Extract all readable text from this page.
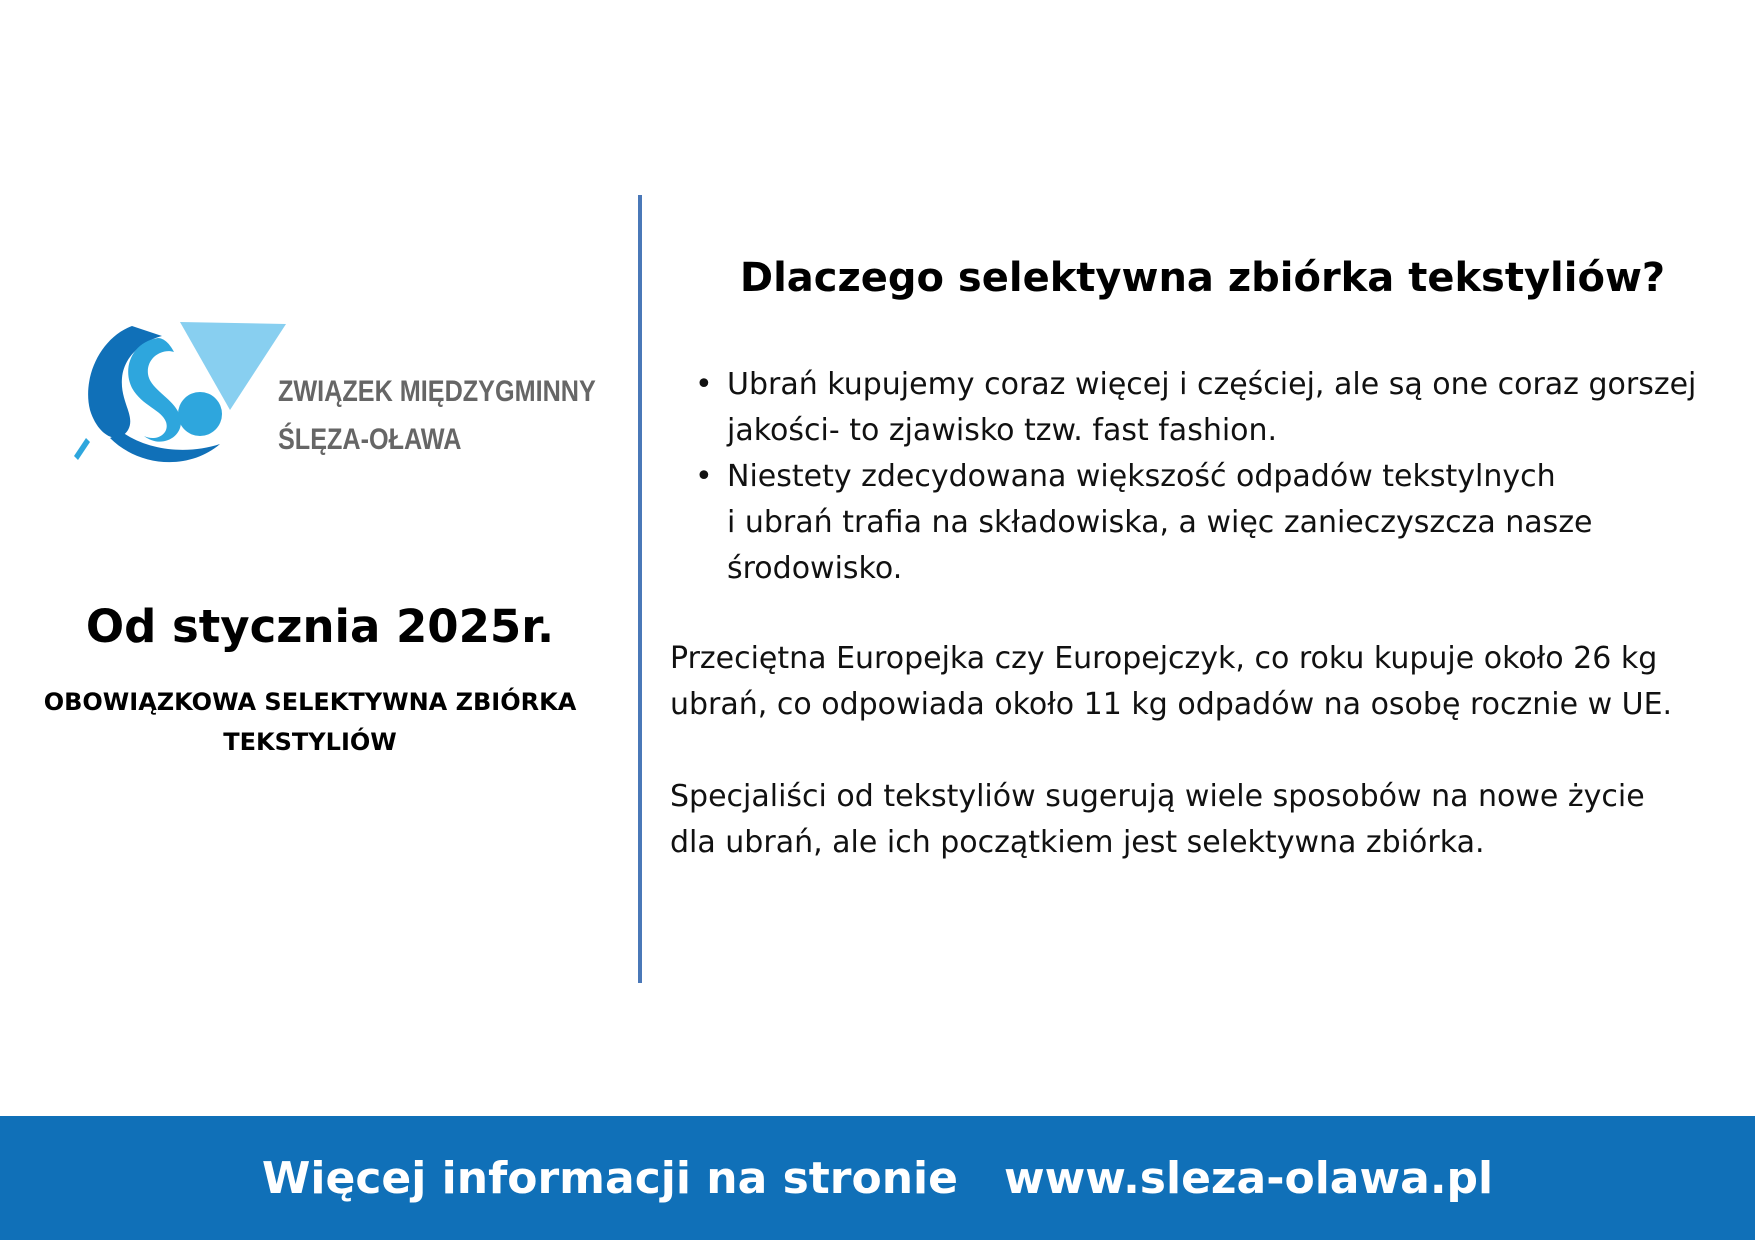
ZWIĄZEK MIĘDZYGMINNY
ŚLĘZA-OŁAWA
Od stycznia 2025r.
OBOWIĄZKOWA SELEKTYWNA ZBIÓRKA
TEKSTYLIÓW
Dlaczego selektywna zbiórka tekstyliów?
• Ubrań kupujemy coraz więcej i częściej, ale są one coraz gorszej
jakości- to zjawisko tzw. fast fashion.
• Niestety zdecydowana większość odpadów tekstylnych
i ubrań trafia na składowiska, a więc zanieczyszcza nasze
środowisko.
Przeciętna Europejka czy Europejczyk, co roku kupuje około 26 kg
ubrań, co odpowiada około 11 kg odpadów na osobę rocznie w UE.
Specjaliści od tekstyliów sugerują wiele sposobów na nowe życie
dla ubrań, ale ich początkiem jest selektywna zbiórka.
Więcej informacji na stronie
www.sleza-olawa.pl
